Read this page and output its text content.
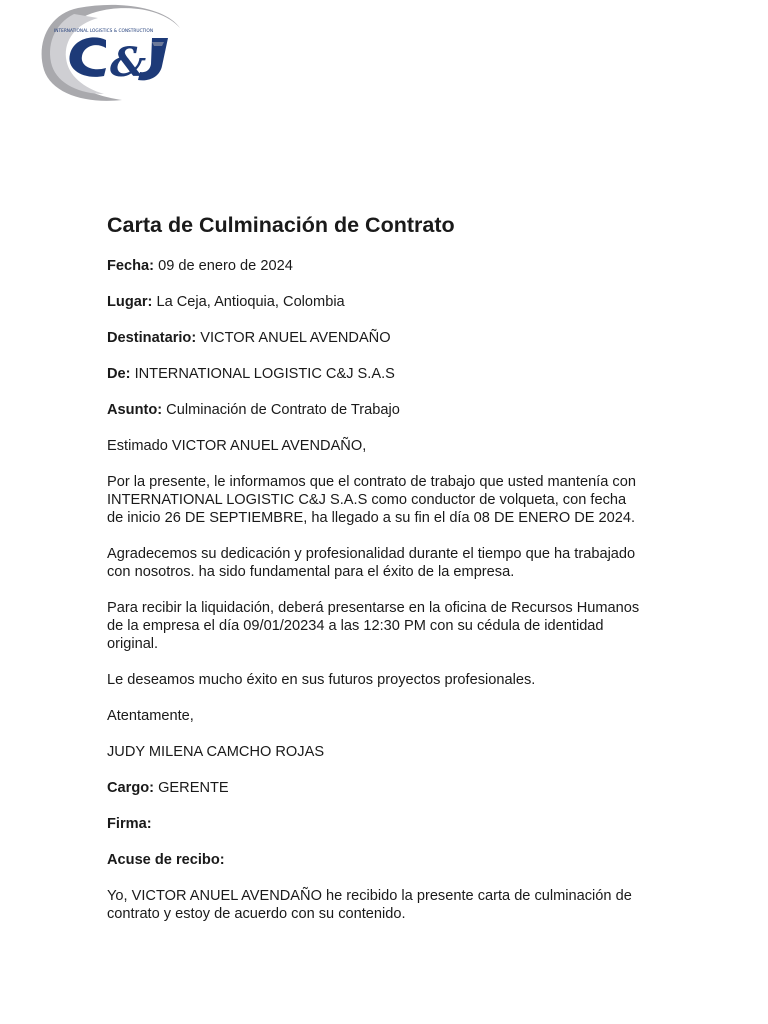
&
INTERNATIONAL LOGISTICS & CONSTRUCTION
Carta de Culminación de Contrato
Fecha: 09 de enero de 2024
Lugar: La Ceja, Antioquia, Colombia
Destinatario: VICTOR ANUEL AVENDAÑO
De: INTERNATIONAL LOGISTIC C&J S.A.S
Asunto: Culminación de Contrato de Trabajo
Estimado VICTOR ANUEL AVENDAÑO,
Por la presente, le informamos que el contrato de trabajo que usted mantenía con
INTERNATIONAL LOGISTIC C&J S.A.S como conductor de volqueta, con fecha
de inicio 26 DE SEPTIEMBRE, ha llegado a su fin el día 08 DE ENERO DE 2024.
Agradecemos su dedicación y profesionalidad durante el tiempo que ha trabajado
con nosotros. ha sido fundamental para el éxito de la empresa.
Para recibir la liquidación, deberá presentarse en la oficina de Recursos Humanos
de la empresa el día 09/01/20234 a las 12:30 PM con su cédula de identidad
original.
Le deseamos mucho éxito en sus futuros proyectos profesionales.
Atentamente,
JUDY MILENA CAMCHO ROJAS
Cargo: GERENTE
Firma:
Acuse de recibo:
Yo, VICTOR ANUEL AVENDAÑO he recibido la presente carta de culminación de
contrato y estoy de acuerdo con su contenido.
